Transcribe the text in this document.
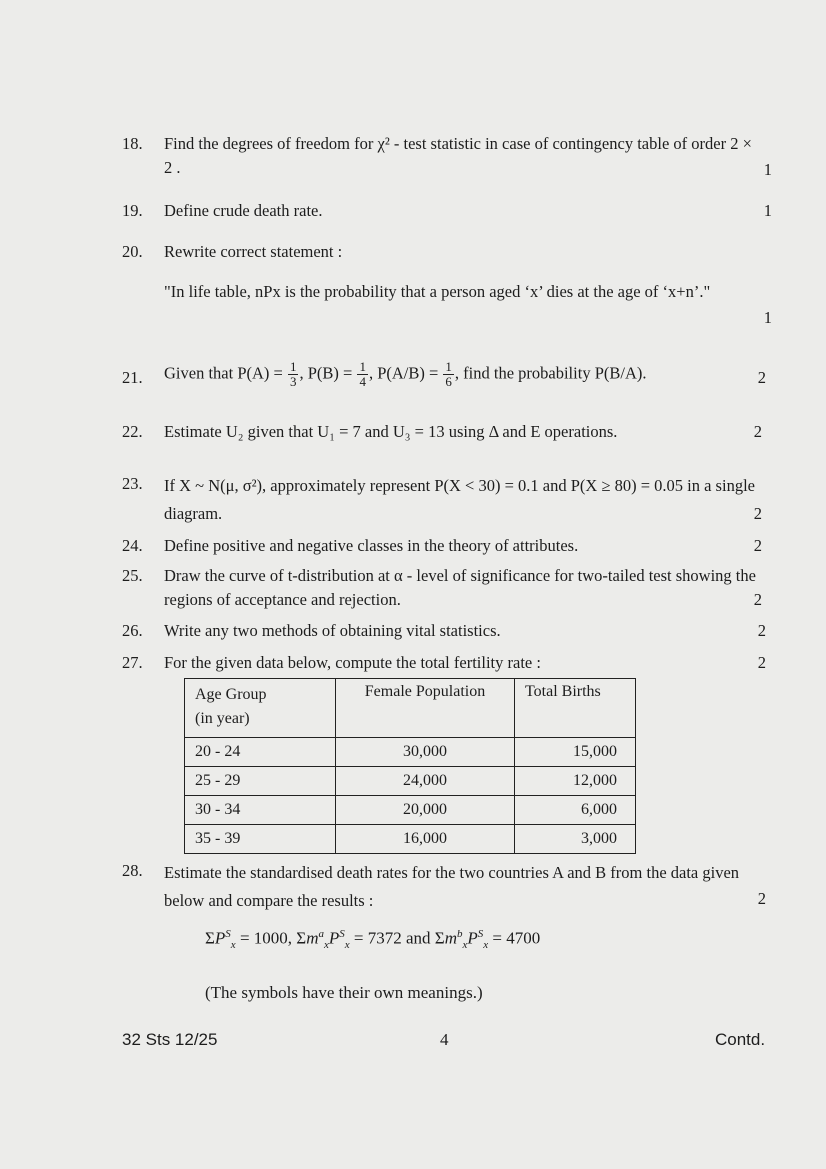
18. Find the degrees of freedom for χ² - test statistic in case of contingency table of order 2 × 2 .	1
19. Define crude death rate.	1
20. Rewrite correct statement :
"In life table, nPx is the probability that a person aged ‘x’ dies at the age of ‘x+n’."
1
21. Given that $P(A) = \frac{1}{3}$ , $P(B) = \frac{1}{4}$ , $P(A/B) = \frac{1}{6}$ , find the probability P(B/A).	2
22. Estimate U₂ given that U₁ = 7 and U₃ = 13 using Δ and E operations.	2
23. If X ~ N(μ, σ²), approximately represent P(X < 30) = 0.1 and P(X ≥ 80) = 0.05 in a single diagram.	2
24. Define positive and negative classes in the theory of attributes.	2
25. Draw the curve of t-distribution at α - level of significance for two-tailed test showing the regions of acceptance and rejection.	2
26. Write any two methods of obtaining vital statistics.	2
27. For the given data below, compute the total fertility rate :	2
Age Group
(in year)	Female Population	Total Births
20 - 24	30,000	15,000
25 - 29	24,000	12,000
30 - 34	20,000	6,000
35 - 39	16,000	3,000
28. Estimate the standardised death rates for the two countries A and B from the data given below and compare the results :	2
$\Sigma P^S_x = 1000$, $\Sigma m^a_xP^S_x = 7372$ and $\Sigma m^b_xP^S_x = 4700$
(The symbols have their own meanings.)
32 Sts 12/25	4	Contd.
